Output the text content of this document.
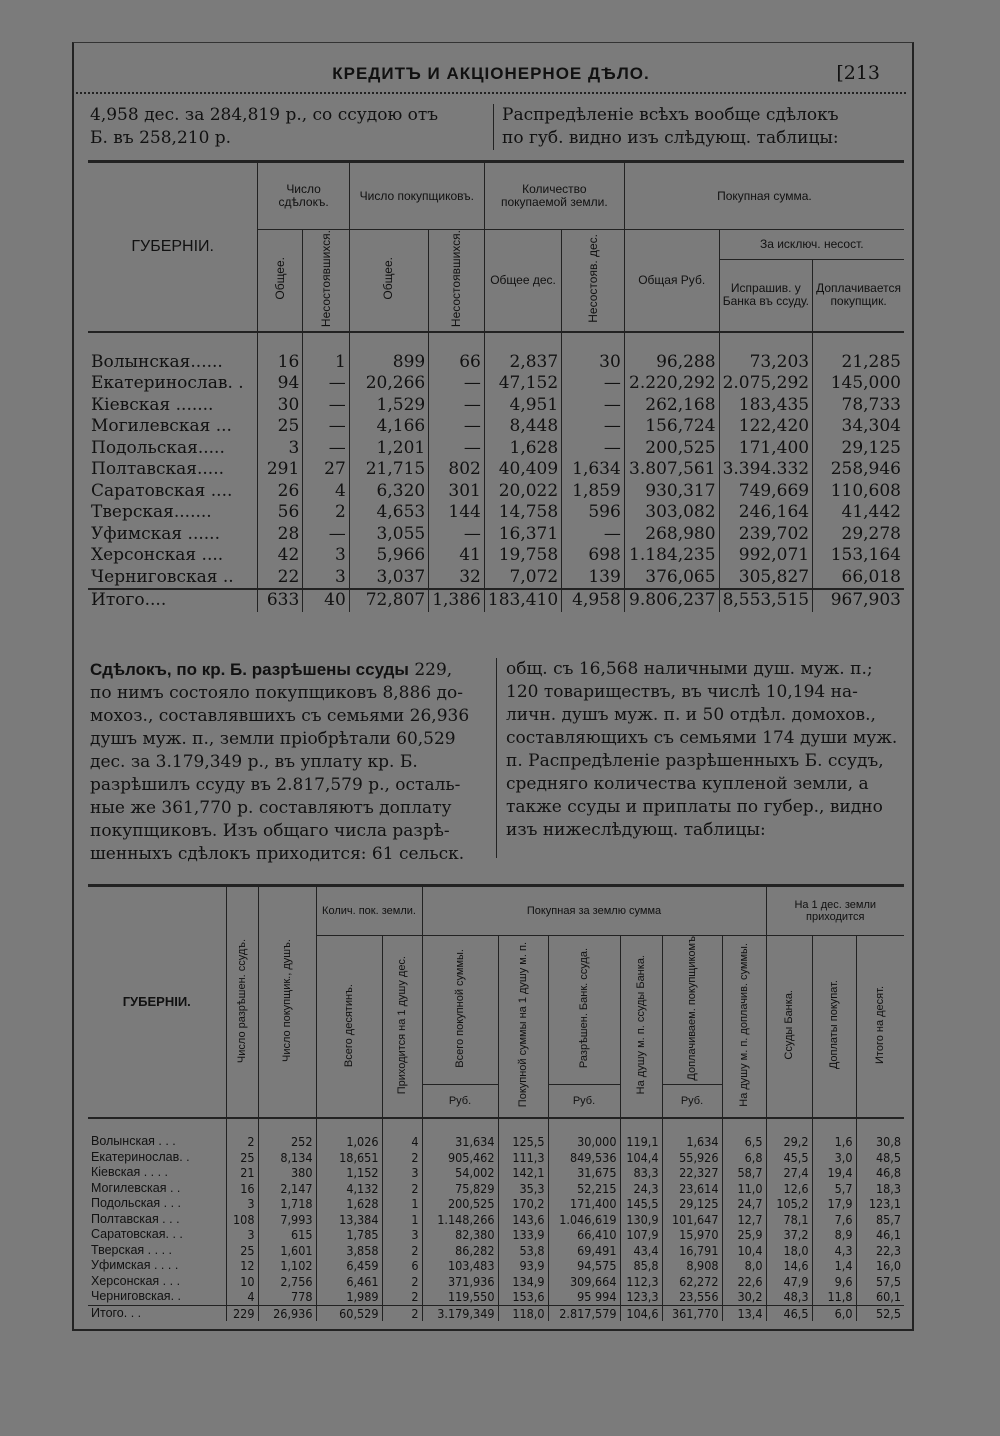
КРЕДИТЪ И АКЦІОНЕРНОЕ ДѢЛО.	[213
4,958 дес. за 284,819 р., со ссудою отъ
Б. въ 258,210 р.
Распредѣленіе всѣхъ вообще сдѣлокъ
по губ. видно изъ слѣдующ. таблицы:
ГУБЕРНІИ.	Число сдѣлокъ.		Число покупщиковъ.		Количество покупаемой земли.		Покупная сумма.		
	Общее.	Несостоявшихся.	Общее.	Несостоявшихся.	Общее дес.	Несостояв. дес.	Общая Руб.	За исключ. несост.	
								Испрашив. у Банка въ ссуду.	Доплачивается покупщик.

Волынская......	16	1	899	66	2,837	30	96,288	73,203	21,285
Екатеринослав. .	94	—	20,266	—	47,152	—	2.220,292	2.075,292	145,000
Кіевская .......	30	—	1,529	—	4,951	—	262,168	183,435	78,733
Могилевская ...	25	—	4,166	—	8,448	—	156,724	122,420	34,304
Подольская.....	3	—	1,201	—	1,628	—	200,525	171,400	29,125
Полтавская.....	291	27	21,715	802	40,409	1,634	3.807,561	3.394.332	258,946
Саратовская ....	26	4	6,320	301	20,022	1,859	930,317	749,669	110,608
Тверская.......	56	2	4,653	144	14,758	596	303,082	246,164	41,442
Уфимская ......	28	—	3,055	—	16,371	—	268,980	239,702	29,278
Херсонская ....	42	3	5,966	41	19,758	698	1.184,235	992,071	153,164
Черниговская ..	22	3	3,037	32	7,072	139	376,065	305,827	66,018
Итого....	633	40	72,807	1,386	183,410	4,958	9.806,237	8,553,515	967,903
Сдѣлокъ, по кр. Б. разрѣшены ссуды 229,
по нимъ состояло покупщиковъ 8,886 до-
мохоз., составлявшихъ съ семьями 26,936
душъ муж. п., земли пріобрѣтали 60,529
дес. за 3.179,349 р., въ уплату кр. Б.
разрѣшилъ ссуду въ 2.817,579 р., осталь-
ные же 361,770 р. составляютъ доплату
покупщиковъ. Изъ общаго числа разрѣ-
шенныхъ сдѣлокъ приходится: 61 сельск.
общ. съ 16,568 наличными душ. муж. п.;
120 товариществъ, въ числѣ 10,194 на-
личн. душъ муж. п. и 50 отдѣл. домохов.,
составляющихъ съ семьями 174 души муж.
п. Распредѣленіе разрѣшенныхъ Б. ссудъ,
средняго количества купленой земли, а
также ссуды и приплаты по губер., видно
изъ нижеслѣдующ. таблицы:
ГУБЕРНІИ.	Число разрѣшен. ссудъ.	Число покупщик., душъ.	Колич. пок. земли.		Покупная за землю сумма						На 1 дес. земли приходится		
			Всего десятинъ.	Приходится на 1 душу дес.	Всего покупной суммы.	Покупной суммы на 1 душу м. п.	Разрѣшен. Банк. ссуда.	На душу м. п. ссуды Банка.	Доплачиваем. покупщикомъ	На душу м. п. доплачив. суммы.	Ссуды Банка.	Доплаты покупат.	Итого на десят.
					Руб.		Руб.		Руб.				

Волынская . . .	2	252	1,026	4	31,634	125,5	30,000	119,1	1,634	6,5	29,2	1,6	30,8
Екатеринослав. .	25	8,134	18,651	2	905,462	111,3	849,536	104,4	55,926	6,8	45,5	3,0	48,5
Кіевская . . . .	21	380	1,152	3	54,002	142,1	31,675	83,3	22,327	58,7	27,4	19,4	46,8
Могилевская . .	16	2,147	4,132	2	75,829	35,3	52,215	24,3	23,614	11,0	12,6	5,7	18,3
Подольская . . .	3	1,718	1,628	1	200,525	170,2	171,400	145,5	29,125	24,7	105,2	17,9	123,1
Полтавская . . .	108	7,993	13,384	1	1.148,266	143,6	1.046,619	130,9	101,647	12,7	78,1	7,6	85,7
Саратовская. . .	3	615	1,785	3	82,380	133,9	66,410	107,9	15,970	25,9	37,2	8,9	46,1
Тверская . . . .	25	1,601	3,858	2	86,282	53,8	69,491	43,4	16,791	10,4	18,0	4,3	22,3
Уфимская . . . .	12	1,102	6,459	6	103,483	93,9	94,575	85,8	8,908	8,0	14,6	1,4	16,0
Херсонская . . .	10	2,756	6,461	2	371,936	134,9	309,664	112,3	62,272	22,6	47,9	9,6	57,5
Черниговская. .	4	778	1,989	2	119,550	153,6	95 994	123,3	23,556	30,2	48,3	11,8	60,1
Итого. . .	229	26,936	60,529	2	3.179,349	118,0	2.817,579	104,6	361,770	13,4	46,5	6,0	52,5
